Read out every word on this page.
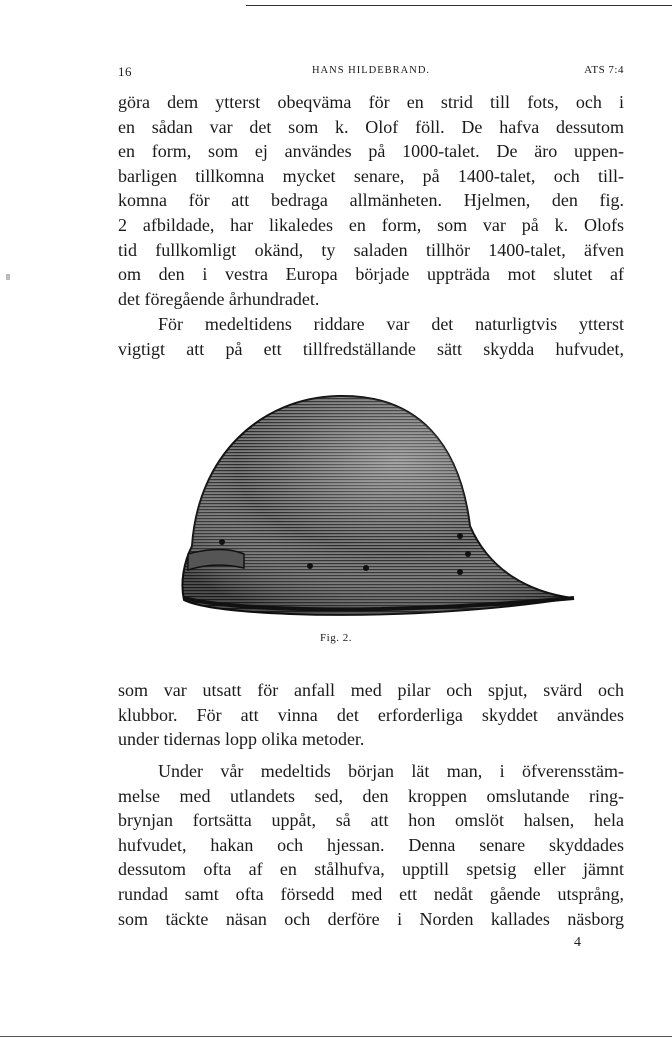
16	HANS HILDEBRAND.	ATS 7:4
göra dem ytterst obeqväma för en strid till fots, och i
en sådan var det som k. Olof föll. De hafva dessutom
en form, som ej användes på 1000-talet. De äro uppen-
barligen tillkomna mycket senare, på 1400-talet, och till-
komna för att bedraga allmänheten. Hjelmen, den fig.
2 afbildade, har likaledes en form, som var på k. Olofs
tid fullkomligt okänd, ty saladen tillhör 1400-talet, äfven
om den i vestra Europa började uppträda mot slutet af
det föregående århundradet.
För medeltidens riddare var det naturligtvis ytterst
vigtigt att på ett tillfredställande sätt skydda hufvudet,
Fig. 2.
som var utsatt för anfall med pilar och spjut, svärd och
klubbor. För att vinna det erforderliga skyddet användes
under tidernas lopp olika metoder.
Under vår medeltids början lät man, i öfverensstäm-
melse med utlandets sed, den kroppen omslutande ring-
brynjan fortsätta uppåt, så att hon omslöt halsen, hela
hufvudet, hakan och hjessan. Denna senare skyddades
dessutom ofta af en stålhufva, upptill spetsig eller jämnt
rundad samt ofta försedd med ett nedåt gående utsprång,
som täckte näsan och derföre i Norden kallades näsborg
4
